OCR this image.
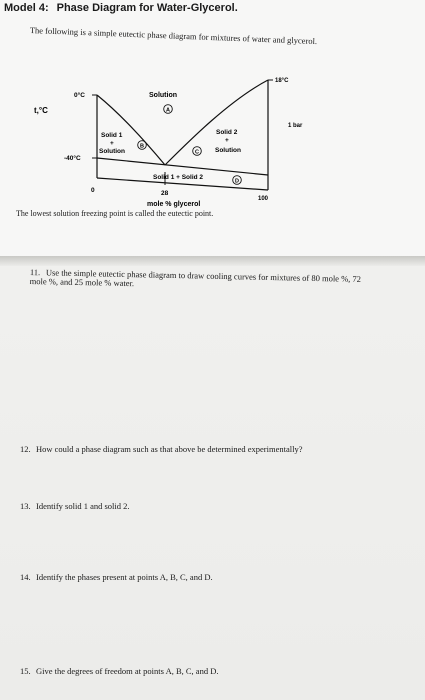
Model 4: Phase Diagram for Water-Glycerol.
The following is a simple eutectic phase diagram for mixtures of water and glycerol.
0°C
t,°C
-40°C
18°C
1 bar
0	28
100
mole % glycerol
Solution
Solid 1
+
Solution
Solid 2
+
Solution
Solid 1 + Solid 2
A
B
C
D
The lowest solution freezing point is called the eutectic point.
11. Use the simple eutectic phase diagram to draw cooling curves for mixtures of 80 mole %, 72 mole %, and 25 mole % water.
12. How could a phase diagram such as that above be determined experimentally?
13. Identify solid 1 and solid 2.
14. Identify the phases present at points A, B, C, and D.
15. Give the degrees of freedom at points A, B, C, and D.
